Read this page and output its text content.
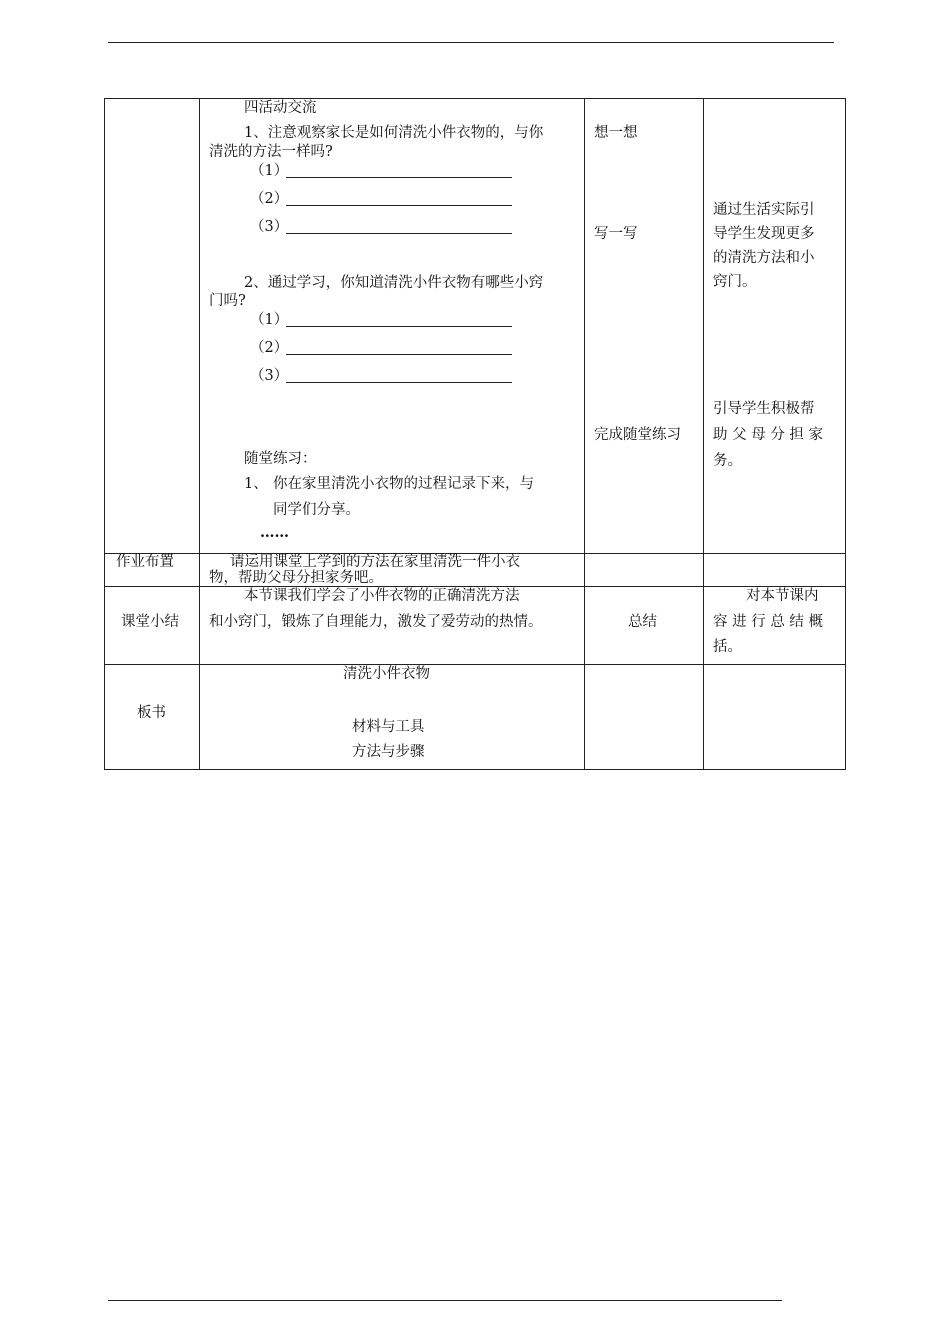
四活动交流
1、注意观察家长是如何清洗小件衣物的，与你
清洗的方法一样吗?
（1）
（2）
（3）
2、通过学习，你知道清洗小件衣物有哪些小窍
门吗?
（1）
（2）
（3）
随堂练习：
1、 你在家里清洗小衣物的过程记录下来，与
同学们分享。
……
想一想
写一写
完成随堂练习
通过生活实际引
导学生发现更多
的清洗方法和小
窍门。
引导学生积极帮
助 父 母 分 担 家
务。
作业布置	请运用课堂上学到的方法在家里清洗一件小衣
物，帮助父母分担家务吧。
课堂小结
本节课我们学会了小件衣物的正确清洗方法
和小窍门，锻炼了自理能力，激发了爱劳动的热情。	总结
对本节课内
容 进 行 总 结 概
括。
板书
清洗小件衣物
材料与工具
方法与步骤
